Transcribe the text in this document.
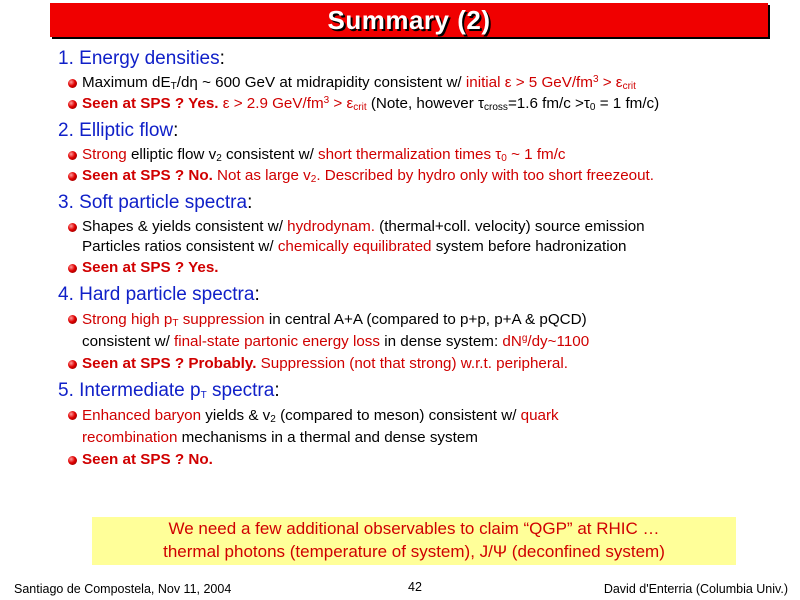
Summary (2)
1. Energy densities:
Maximum $dE_T/d\eta$ ~ 600 GeV at midrapidity consistent w/ initial ε > 5 GeV/$fm^3 > \varepsilon_{crit}$
Seen at SPS ? Yes. ε > 2.9 GeV/$fm^3 > \varepsilon_{crit}$ (Note, however $\tau_{cross}=1.6$ $fm/c >\tau_0 = 1$ fm/c)
2. Elliptic flow:
Strong elliptic flow $v_2$ consistent w/ short thermalization times $\tau_0$ ~ 1 fm/c
Seen at SPS ? No. Not as large $v_2$. Described by hydro only with too short freezeout.
3. Soft particle spectra:
Shapes & yields consistent w/ hydrodynam. (thermal+coll. velocity) source emission
Particles ratios consistent w/ chemically equilibrated system before hadronization
Seen at SPS ? Yes.
4. Hard particle spectra:
Strong high $p_T$ suppression in central A+A (compared to p+p, p+A & pQCD)
consistent w/ final-state partonic energy loss in dense system: $dN^g/dy\sim 1100$
Seen at SPS ? Probably. Suppression (not that strong) w.r.t. peripheral.
5. Intermediate $p_T$ spectra:
Enhanced baryon yields & $v_2$ (compared to meson) consistent w/ quark
recombination mechanisms in a thermal and dense system
Seen at SPS ? No.
We need a few additional observables to claim “QGP” at RHIC …
thermal photons (temperature of system), J/Ψ (deconfined system)
Santiago de Compostela, Nov 11, 2004	42	David d'Enterria (Columbia Univ.)
